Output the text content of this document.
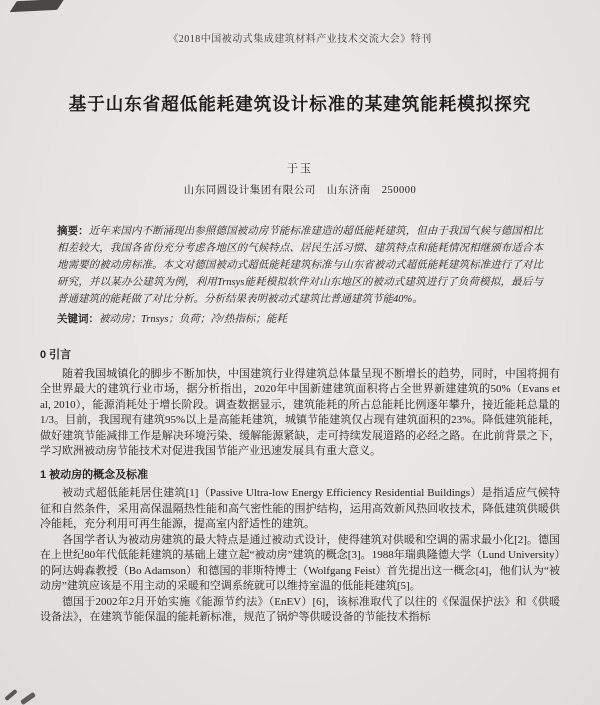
《2018中国被动式集成建筑材料产业技术交流大会》特刊
基于山东省超低能耗建筑设计标准的某建筑能耗模拟探究
于玉
山东同圆设计集团有限公司　山东济南　250000

摘要：近年来国内不断涌现出参照德国被动房节能标准建造的超低能耗建筑，但由于我国气候与德国相比相差较大，我国各省份充分考虑各地区的气候特点、居民生活习惯、建筑特点和能耗情况相继颁布适合本地需要的被动房标准。本文对德国被动式超低能耗建筑标准与山东省被动式超低能耗建筑标准进行了对比研究，并以某办公建筑为例，利用Trnsys能耗模拟软件对山东地区的被动式建筑进行了负荷模拟，最后与普通建筑的能耗做了对比分析。分析结果表明被动式建筑比普通建筑节能40%。

关键词：被动房；Trnsys；负荷；冷/热指标；能耗

0 引言

随着我国城镇化的脚步不断加快，中国建筑行业得建筑总体量呈现不断增长的趋势，同时，中国将拥有全世界最大的建筑行业市场，据分析指出，2020年中国新建建筑面积将占全世界新建建筑的50%（Evans et al, 2010），能源消耗处于增长阶段。调查数据显示，建筑能耗的所占总能耗比例逐年攀升，接近能耗总量的1/3。目前，我国现有建筑95%以上是高能耗建筑，城镇节能建筑仅占现有建筑面积的23%。降低建筑能耗，做好建筑节能减排工作是解决环境污染、缓解能源紧缺，走可持续发展道路的必经之路。在此前背景之下，学习欧洲被动房节能技术对促进我国节能产业迅速发展具有重大意义。

1 被动房的概念及标准

被动式超低能耗居住建筑[1]（Passive Ultra-low Energy Efficiency Residential Buildings）是指适应气候特征和自然条件，采用高保温隔热性能和高气密性能的围护结构，运用高效新风热回收技术，降低建筑供暖供冷能耗，充分利用可再生能源，提高室内舒适性的建筑。

各国学者认为被动房建筑的最大特点是通过被动式设计，使得建筑对供暖和空调的需求最小化[2]。德国在上世纪80年代低能耗建筑的基础上建立起“被动房”建筑的概念[3]。1988年瑞典隆德大学（Lund University）的阿达姆森教授（Bo Adamson）和德国的菲斯特博士（Wolfgang Feist）首先提出这一概念[4]，他们认为“被动房”建筑应该是不用主动的采暖和空调系统就可以维持室温的低能耗建筑[5]。

德国于2002年2月开始实施《能源节约法》（EnEV）[6]，该标准取代了以往的《保温保护法》和《供暖设备法》，在建筑节能保温的能耗新标准，规范了锅炉等供暖设备的节能技术指标
